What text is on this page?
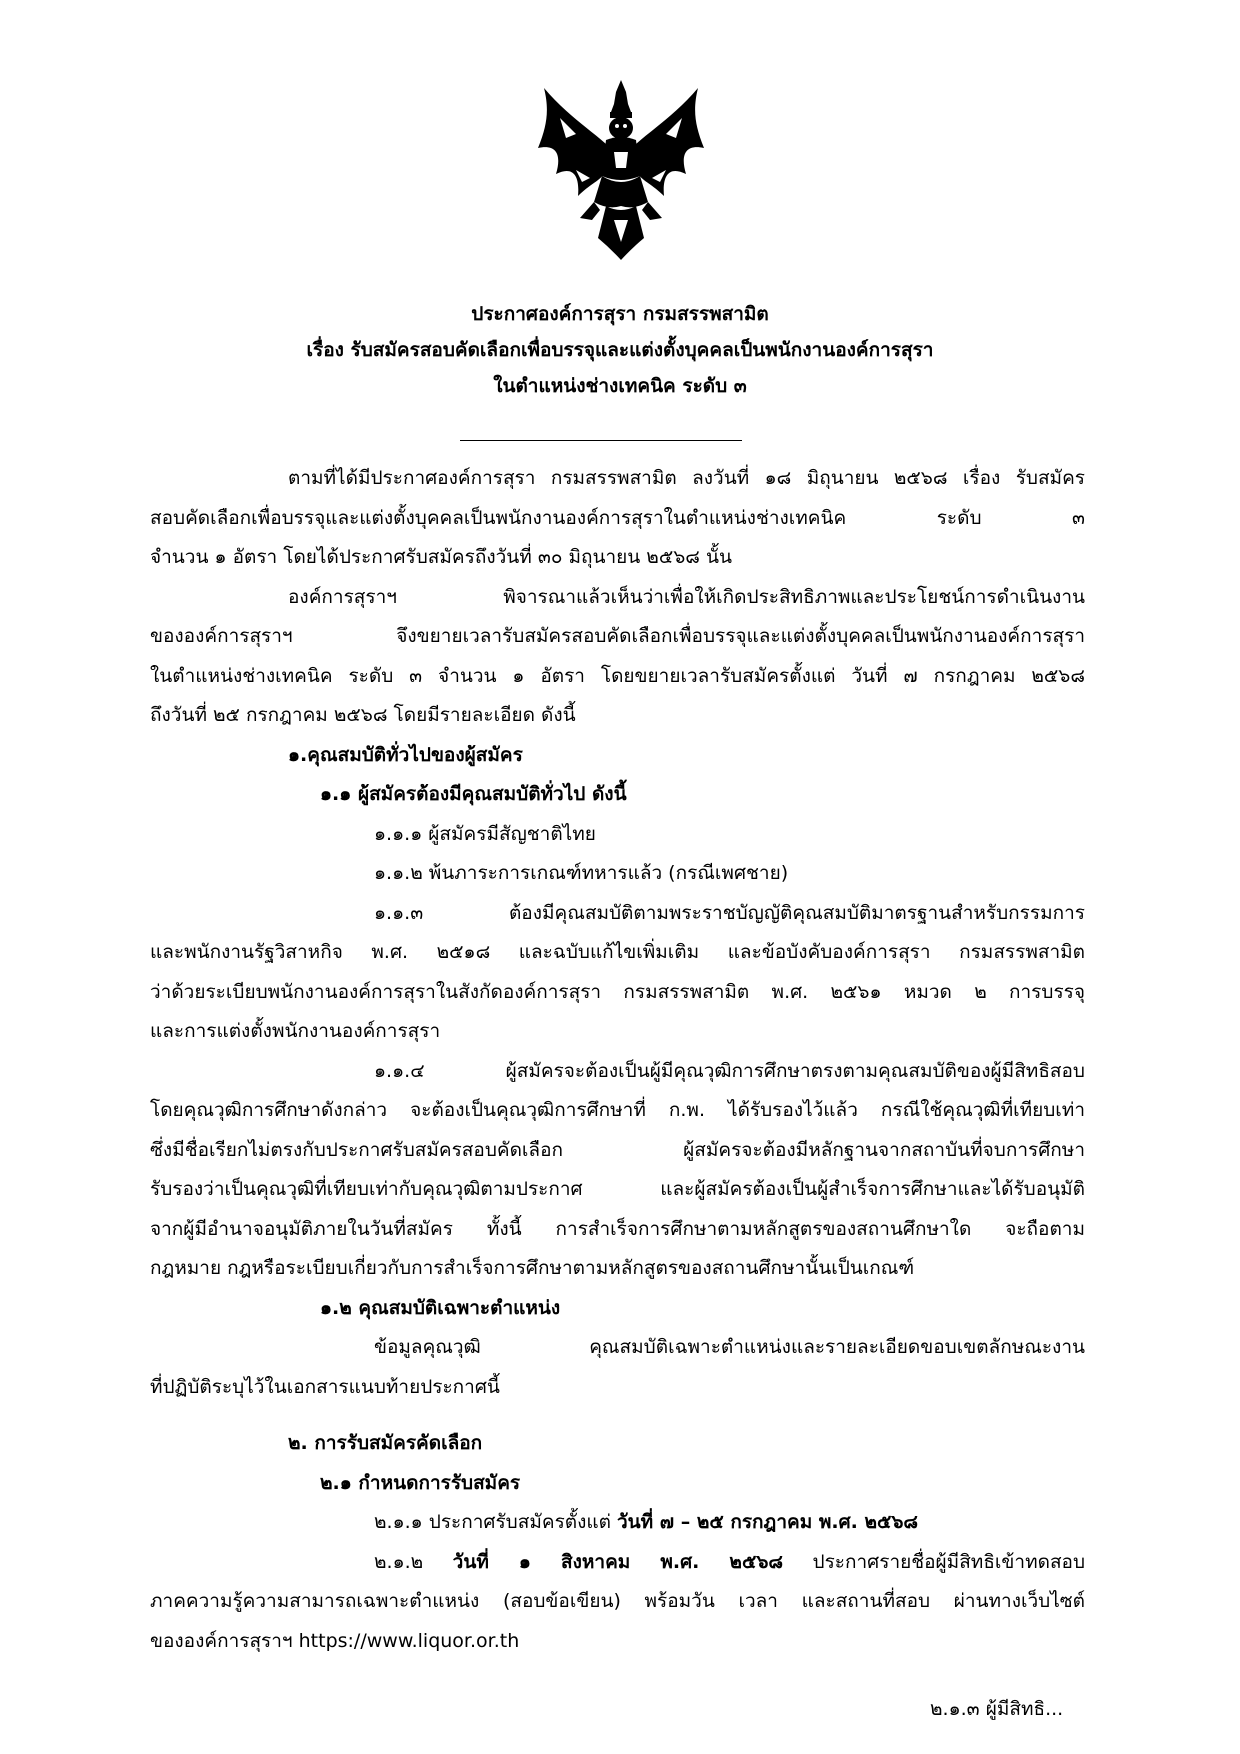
ประกาศองค์การสุรา กรมสรรพสามิต
เรื่อง รับสมัครสอบคัดเลือกเพื่อบรรจุและแต่งตั้งบุคคลเป็นพนักงานองค์การสุรา
ในตำแหน่งช่างเทคนิค ระดับ ๓
ตามที่ได้มีประกาศองค์การสุรา กรมสรรพสามิต ลงวันที่ ๑๘ มิถุนายน ๒๕๖๘ เรื่อง รับสมัคร
สอบคัดเลือกเพื่อบรรจุและแต่งตั้งบุคคลเป็นพนักงานองค์การสุราในตำแหน่งช่างเทคนิค ระดับ ๓
จำนวน ๑ อัตรา โดยได้ประกาศรับสมัครถึงวันที่ ๓๐ มิถุนายน ๒๕๖๘ นั้น
องค์การสุราฯ พิจารณาแล้วเห็นว่าเพื่อให้เกิดประสิทธิภาพและประโยชน์การดำเนินงาน
ขององค์การสุราฯ จึงขยายเวลารับสมัครสอบคัดเลือกเพื่อบรรจุและแต่งตั้งบุคคลเป็นพนักงานองค์การสุรา
ในตำแหน่งช่างเทคนิค ระดับ ๓ จำนวน ๑ อัตรา โดยขยายเวลารับสมัครตั้งแต่ วันที่ ๗ กรกฎาคม ๒๕๖๘
ถึงวันที่ ๒๕ กรกฎาคม ๒๕๖๘ โดยมีรายละเอียด ดังนี้
๑.คุณสมบัติทั่วไปของผู้สมัคร
๑.๑ ผู้สมัครต้องมีคุณสมบัติทั่วไป ดังนี้
๑.๑.๑ ผู้สมัครมีสัญชาติไทย
๑.๑.๒ พ้นภาระการเกณฑ์ทหารแล้ว (กรณีเพศชาย)
๑.๑.๓ ต้องมีคุณสมบัติตามพระราชบัญญัติคุณสมบัติมาตรฐานสำหรับกรรมการ
และพนักงานรัฐวิสาหกิจ พ.ศ. ๒๕๑๘ และฉบับแก้ไขเพิ่มเติม และข้อบังคับองค์การสุรา กรมสรรพสามิต
ว่าด้วยระเบียบพนักงานองค์การสุราในสังกัดองค์การสุรา กรมสรรพสามิต พ.ศ. ๒๕๖๑ หมวด ๒ การบรรจุ
และการแต่งตั้งพนักงานองค์การสุรา
๑.๑.๔ ผู้สมัครจะต้องเป็นผู้มีคุณวุฒิการศึกษาตรงตามคุณสมบัติของผู้มีสิทธิสอบ
โดยคุณวุฒิการศึกษาดังกล่าว จะต้องเป็นคุณวุฒิการศึกษาที่ ก.พ. ได้รับรองไว้แล้ว กรณีใช้คุณวุฒิที่เทียบเท่า
ซึ่งมีชื่อเรียกไม่ตรงกับประกาศรับสมัครสอบคัดเลือก ผู้สมัครจะต้องมีหลักฐานจากสถาบันที่จบการศึกษา
รับรองว่าเป็นคุณวุฒิที่เทียบเท่ากับคุณวุฒิตามประกาศ และผู้สมัครต้องเป็นผู้สำเร็จการศึกษาและได้รับอนุมัติ
จากผู้มีอำนาจอนุมัติภายในวันที่สมัคร ทั้งนี้ การสำเร็จการศึกษาตามหลักสูตรของสถานศึกษาใด จะถือตาม
กฎหมาย กฎหรือระเบียบเกี่ยวกับการสำเร็จการศึกษาตามหลักสูตรของสถานศึกษานั้นเป็นเกณฑ์
๑.๒ คุณสมบัติเฉพาะตำแหน่ง
ข้อมูลคุณวุฒิ คุณสมบัติเฉพาะตำแหน่งและรายละเอียดขอบเขตลักษณะงาน
ที่ปฏิบัติระบุไว้ในเอกสารแนบท้ายประกาศนี้
๒. การรับสมัครคัดเลือก
๒.๑ กำหนดการรับสมัคร
๒.๑.๑ ประกาศรับสมัครตั้งแต่ วันที่ ๗ – ๒๕ กรกฎาคม พ.ศ. ๒๕๖๘
๒.๑.๒ วันที่ ๑ สิงหาคม พ.ศ. ๒๕๖๘ ประกาศรายชื่อผู้มีสิทธิเข้าทดสอบ
ภาคความรู้ความสามารถเฉพาะตำแหน่ง (สอบข้อเขียน) พร้อมวัน เวลา และสถานที่สอบ ผ่านทางเว็บไซต์
ขององค์การสุราฯ https://www.liquor.or.th
๒.๑.๓ ผู้มีสิทธิ...
